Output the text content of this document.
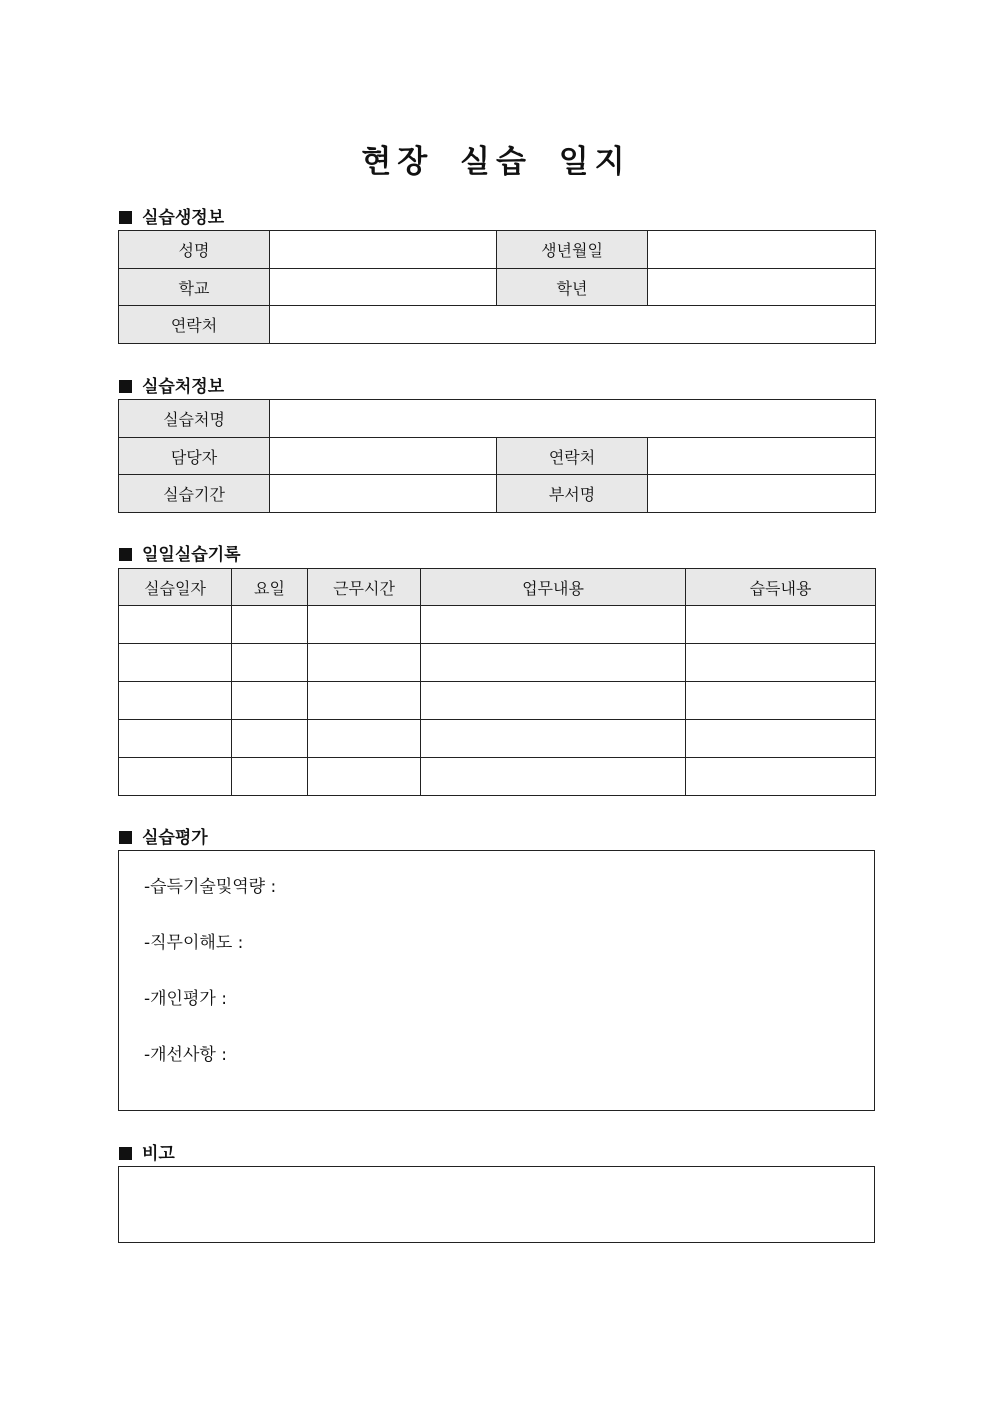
현장 실습 일지
실습생정보
성명		생년월일	
학교		학년	
연락처			
실습처정보
실습처명			
담당자		연락처	
실습기간		부서명	
일일실습기록
실습일자	요일	근무시간	업무내용	습득내용

실습평가
-습득기술및역량 :
-직무이해도 :
-개인평가 :
-개선사항 :
비고
